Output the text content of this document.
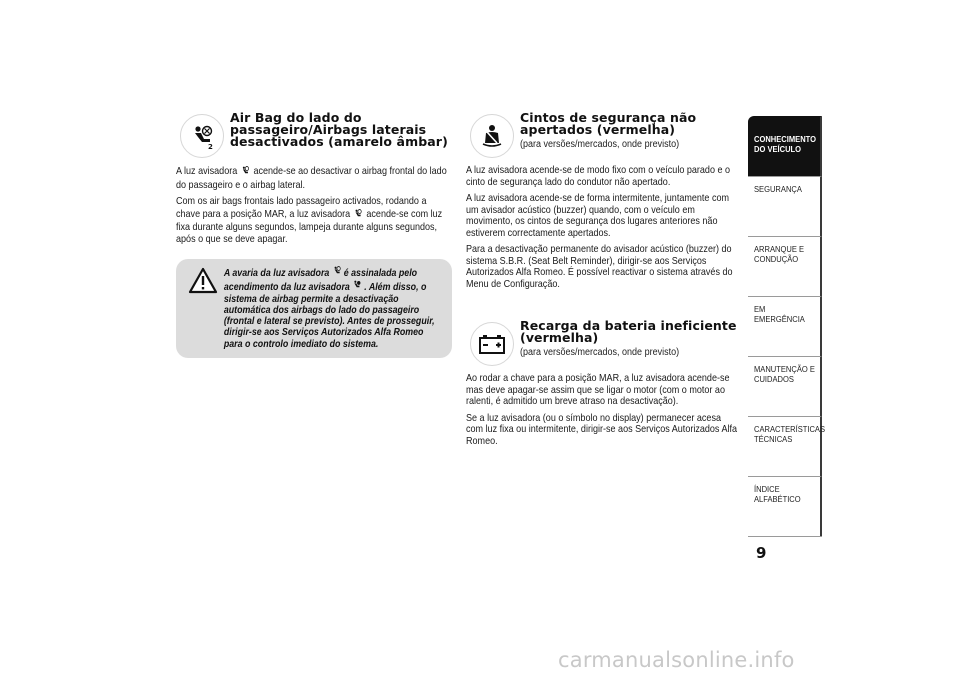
2
Air Bag do lado do passageiro/Airbags laterais desactivados (amarelo âmbar)

A luz avisadora acende-se ao desactivar o airbag frontal do lado do passageiro e o airbag lateral.

Com os air bags frontais lado passageiro activados, rodando a chave para a posição MAR, a luz avisadora acende-se com luz fixa durante alguns segundos, lampeja durante alguns segundos, após o que se deve apagar.

A avaria da luz avisadora é assinalada pelo acendimento da luz avisadora . Além disso, o sistema de airbag permite a desactivação automática dos airbags do lado do passageiro (frontal e lateral se previsto). Antes de prosseguir, dirigir-se aos Serviços Autorizados Alfa Romeo para o controlo imediato do sistema.
Cintos de segurança não apertados (vermelha)
(para versões/mercados, onde previsto)

A luz avisadora acende-se de modo fixo com o veículo parado e o cinto de segurança lado do condutor não apertado.

A luz avisadora acende-se de forma intermitente, juntamente com um avisador acústico (buzzer) quando, com o veículo em movimento, os cintos de segurança dos lugares anteriores não estiverem correctamente apertados.

Para a desactivação permanente do avisador acústico (buzzer) do sistema S.B.R. (Seat Belt Reminder), dirigir-se aos Serviços Autorizados Alfa Romeo. É possível reactivar o sistema através do Menu de Configuração.

Recarga da bateria ineficiente (vermelha)
(para versões/mercados, onde previsto)

Ao rodar a chave para a posição MAR, a luz avisadora acende-se mas deve apagar-se assim que se ligar o motor (com o motor ao ralenti, é admitido um breve atraso na desactivação).

Se a luz avisadora (ou o símbolo no display) permanecer acesa com luz fixa ou intermitente, dirigir-se aos Serviços Autorizados Alfa Romeo.

CONHECIMENTO DO VEÍCULO
SEGURANÇA
ARRANQUE E CONDUÇÃO
EM EMERGÊNCIA
MANUTENÇÃO E CUIDADOS
CARACTERÍSTICAS TÉCNICAS
ÍNDICE ALFABÉTICO
9
carmanualsonline.info
